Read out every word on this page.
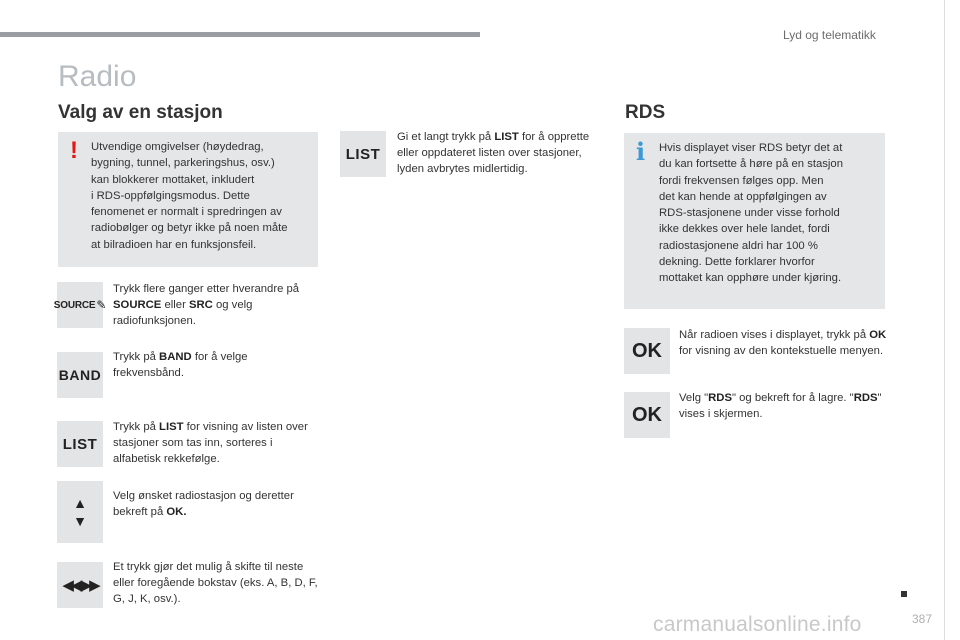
Lyd og telematikk
Radio
Valg av en stasjon
! Utvendige omgivelser (høydedrag,
bygning, tunnel, parkeringshus, osv.)
kan blokkerer mottaket, inkludert
i RDS-oppfølgingsmodus. Dette
fenomenet er normalt i spredringen av
radiobølger og betyr ikke på noen måte
at bilradioen har en funksjonsfeil.
SOURCE ✎
Trykk flere ganger etter hverandre på SOURCE eller SRC og velg radiofunksjonen.
BAND
Trykk på BAND for å velge frekvensbånd.
LIST
Trykk på LIST for visning av listen over stasjoner som tas inn, sorteres i alfabetisk rekkefølge.
▲
▼
Velg ønsket radiostasjon og deretter bekreft på OK.
◀◀ ▶▶
Et trykk gjør det mulig å skifte til neste eller foregående bokstav (eks. A, B, D, F, G, J, K, osv.).
LIST
Gi et langt trykk på LIST for å opprette eller oppdateret listen over stasjoner, lyden avbrytes midlertidig.
RDS
i Hvis displayet viser RDS betyr det at
du kan fortsette å høre på en stasjon
fordi frekvensen følges opp. Men
det kan hende at oppfølgingen av
RDS-stasjonene under visse forhold
ikke dekkes over hele landet, fordi
radiostasjonene aldri har 100 %
dekning. Dette forklarer hvorfor
mottaket kan opphøre under kjøring.
OK
Når radioen vises i displayet, trykk på OK for visning av den kontekstuelle menyen.
OK
Velg "RDS" og bekreft for å lagre. "RDS" vises i skjermen.
carmanualsonline.info	387
